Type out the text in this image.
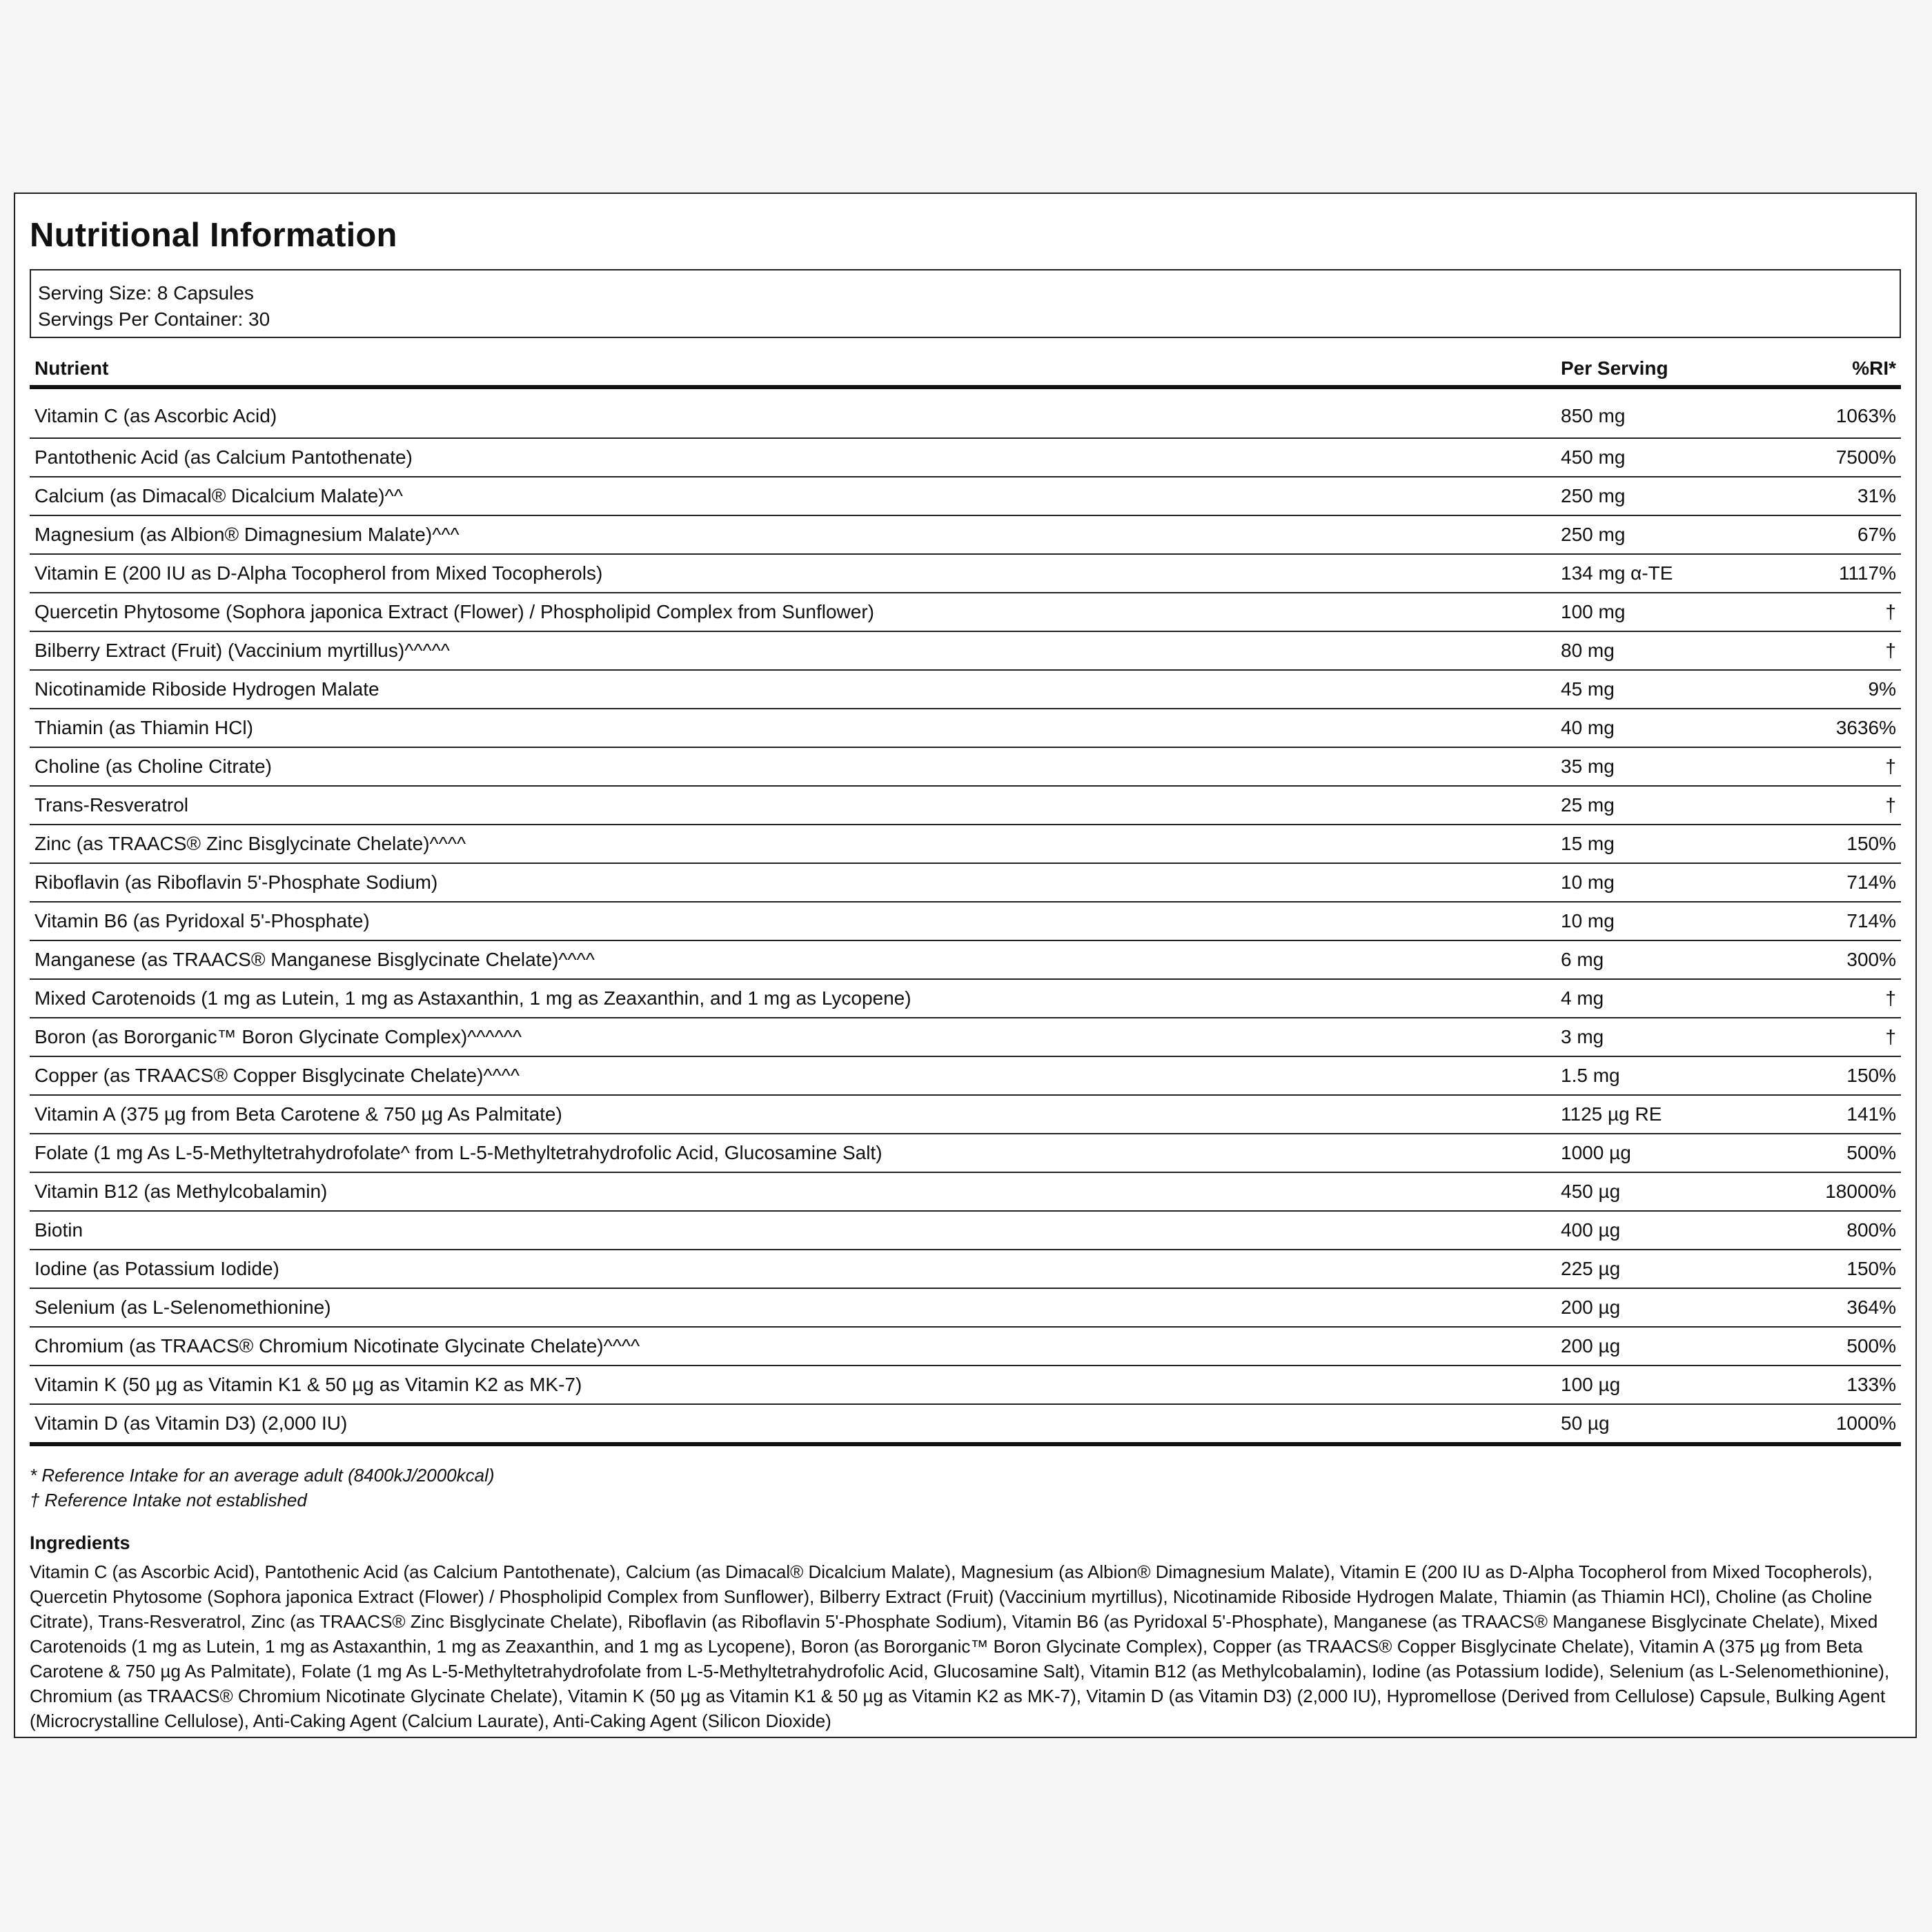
Nutritional Information
Serving Size: 8 Capsules
Servings Per Container: 30
Nutrient	Per Serving	%RI*
Vitamin C (as Ascorbic Acid)	850 mg	1063%
Pantothenic Acid (as Calcium Pantothenate)	450 mg	7500%
Calcium (as Dimacal® Dicalcium Malate)^^	250 mg	31%
Magnesium (as Albion® Dimagnesium Malate)^^^	250 mg	67%
Vitamin E (200 IU as D-Alpha Tocopherol from Mixed Tocopherols)	134 mg α-TE	1117%
Quercetin Phytosome (Sophora japonica Extract (Flower) / Phospholipid Complex from Sunflower)	100 mg	†
Bilberry Extract (Fruit) (Vaccinium myrtillus)^^^^^	80 mg	†
Nicotinamide Riboside Hydrogen Malate	45 mg	9%
Thiamin (as Thiamin HCl)	40 mg	3636%
Choline (as Choline Citrate)	35 mg	†
Trans-Resveratrol	25 mg	†
Zinc (as TRAACS® Zinc Bisglycinate Chelate)^^^^	15 mg	150%
Riboflavin (as Riboflavin 5'-Phosphate Sodium)	10 mg	714%
Vitamin B6 (as Pyridoxal 5'-Phosphate)	10 mg	714%
Manganese (as TRAACS® Manganese Bisglycinate Chelate)^^^^	6 mg	300%
Mixed Carotenoids (1 mg as Lutein, 1 mg as Astaxanthin, 1 mg as Zeaxanthin, and 1 mg as Lycopene)	4 mg	†
Boron (as Bororganic™ Boron Glycinate Complex)^^^^^^	3 mg	†
Copper (as TRAACS® Copper Bisglycinate Chelate)^^^^	1.5 mg	150%
Vitamin A (375 µg from Beta Carotene & 750 µg As Palmitate)	1125 µg RE	141%
Folate (1 mg As L-5-Methyltetrahydrofolate^ from L-5-Methyltetrahydrofolic Acid, Glucosamine Salt)	1000 µg	500%
Vitamin B12 (as Methylcobalamin)	450 µg	18000%
Biotin	400 µg	800%
Iodine (as Potassium Iodide)	225 µg	150%
Selenium (as L-Selenomethionine)	200 µg	364%
Chromium (as TRAACS® Chromium Nicotinate Glycinate Chelate)^^^^	200 µg	500%
Vitamin K (50 µg as Vitamin K1 & 50 µg as Vitamin K2 as MK-7)	100 µg	133%
Vitamin D (as Vitamin D3) (2,000 IU)	50 µg	1000%
* Reference Intake for an average adult (8400kJ/2000kcal)
† Reference Intake not established
Ingredients
Vitamin C (as Ascorbic Acid), Pantothenic Acid (as Calcium Pantothenate), Calcium (as Dimacal® Dicalcium Malate), Magnesium (as Albion® Dimagnesium Malate), Vitamin E (200 IU as D-Alpha Tocopherol from Mixed Tocopherols), Quercetin Phytosome (Sophora japonica Extract (Flower) / Phospholipid Complex from Sunflower), Bilberry Extract (Fruit) (Vaccinium myrtillus), Nicotinamide Riboside Hydrogen Malate, Thiamin (as Thiamin HCl), Choline (as Choline Citrate), Trans-Resveratrol, Zinc (as TRAACS® Zinc Bisglycinate Chelate), Riboflavin (as Riboflavin 5'-Phosphate Sodium), Vitamin B6 (as Pyridoxal 5'-Phosphate), Manganese (as TRAACS® Manganese Bisglycinate Chelate), Mixed Carotenoids (1 mg as Lutein, 1 mg as Astaxanthin, 1 mg as Zeaxanthin, and 1 mg as Lycopene), Boron (as Bororganic™ Boron Glycinate Complex), Copper (as TRAACS® Copper Bisglycinate Chelate), Vitamin A (375 µg from Beta Carotene & 750 µg As Palmitate), Folate (1 mg As L-5-Methyltetrahydrofolate from L-5-Methyltetrahydrofolic Acid, Glucosamine Salt), Vitamin B12 (as Methylcobalamin), Iodine (as Potassium Iodide), Selenium (as L-Selenomethionine), Chromium (as TRAACS® Chromium Nicotinate Glycinate Chelate), Vitamin K (50 µg as Vitamin K1 & 50 µg as Vitamin K2 as MK-7), Vitamin D (as Vitamin D3) (2,000 IU), Hypromellose (Derived from Cellulose) Capsule, Bulking Agent (Microcrystalline Cellulose), Anti-Caking Agent (Calcium Laurate), Anti-Caking Agent (Silicon Dioxide)
